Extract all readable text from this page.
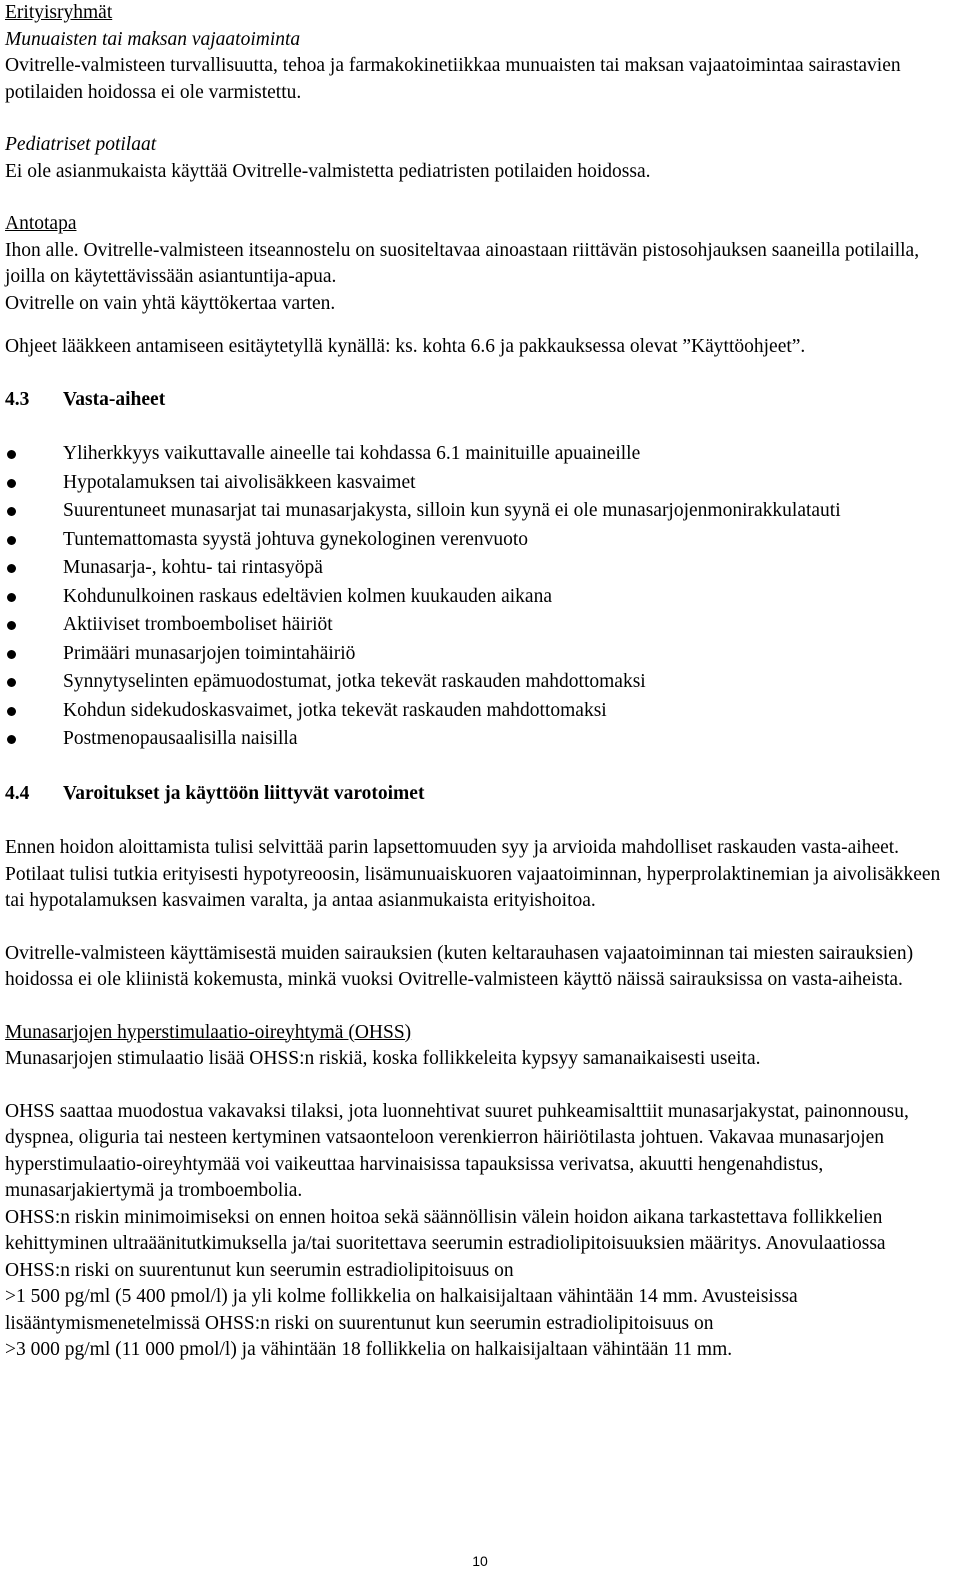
Erityisryhmät

Munuaisten tai maksan vajaatoiminta

Ovitrelle-valmisteen turvallisuutta, tehoa ja farmakokinetiikkaa munuaisten tai maksan vajaatoimintaa sairastavien potilaiden hoidossa ei ole varmistettu.

Pediatriset potilaat

Ei ole asianmukaista käyttää Ovitrelle-valmistetta pediatristen potilaiden hoidossa.

Antotapa

Ihon alle. Ovitrelle-valmisteen itseannostelu on suositeltavaa ainoastaan riittävän pistosohjauksen saaneilla potilailla, joilla on käytettävissään asiantuntija-apua.

Ovitrelle on vain yhtä käyttökertaa varten.

Ohjeet lääkkeen antamiseen esitäytetyllä kynällä: ks. kohta 6.6 ja pakkauksessa olevat ”Käyttöohjeet”.

4.3	Vasta-aiheet
Yliherkkyys vaikuttavalle aineelle tai kohdassa 6.1 mainituille apuaineille
Hypotalamuksen tai aivolisäkkeen kasvaimet
Suurentuneet munasarjat tai munasarjakysta, silloin kun syynä ei ole munasarjojenmonirakkulatauti
Tuntemattomasta syystä johtuva gynekologinen verenvuoto
Munasarja-, kohtu- tai rintasyöpä
Kohdunulkoinen raskaus edeltävien kolmen kuukauden aikana
Aktiiviset tromboemboliset häiriöt
Primääri munasarjojen toimintahäiriö
Synnytyselinten epämuodostumat, jotka tekevät raskauden mahdottomaksi
Kohdun sidekudoskasvaimet, jotka tekevät raskauden mahdottomaksi
Postmenopausaalisilla naisilla
4.4	Varoitukset ja käyttöön liittyvät varotoimet

Ennen hoidon aloittamista tulisi selvittää parin lapsettomuuden syy ja arvioida mahdolliset raskauden vasta-aiheet. Potilaat tulisi tutkia erityisesti hypotyreoosin, lisämunuaiskuoren vajaatoiminnan, hyperprolaktinemian ja aivolisäkkeen tai hypotalamuksen kasvaimen varalta, ja antaa asianmukaista erityishoitoa.

Ovitrelle-valmisteen käyttämisestä muiden sairauksien (kuten keltarauhasen vajaatoiminnan tai miesten sairauksien) hoidossa ei ole kliinistä kokemusta, minkä vuoksi Ovitrelle-valmisteen käyttö näissä sairauksissa on vasta-aiheista.

Munasarjojen hyperstimulaatio-oireyhtymä (OHSS)

Munasarjojen stimulaatio lisää OHSS:n riskiä, koska follikkeleita kypsyy samanaikaisesti useita.

OHSS saattaa muodostua vakavaksi tilaksi, jota luonnehtivat suuret puhkeamisalttiit munasarjakystat, painonnousu, dyspnea, oliguria tai nesteen kertyminen vatsaonteloon verenkierron häiriötilasta johtuen. Vakavaa munasarjojen hyperstimulaatio-oireyhtymää voi vaikeuttaa harvinaisissa tapauksissa verivatsa, akuutti hengenahdistus, munasarjakiertymä ja tromboembolia.

OHSS:n riskin minimoimiseksi on ennen hoitoa sekä säännöllisin välein hoidon aikana tarkastettava follikkelien kehittyminen ultraäänitutkimuksella ja/tai suoritettava seerumin estradiolipitoisuuksien määritys. Anovulaatiossa OHSS:n riski on suurentunut kun seerumin estradiolipitoisuus on

>1 500 pg/ml (5 400 pmol/l) ja yli kolme follikkelia on halkaisijaltaan vähintään 14 mm. Avusteisissa lisääntymismenetelmissä OHSS:n riski on suurentunut kun seerumin estradiolipitoisuus on

>3 000 pg/ml (11 000 pmol/l) ja vähintään 18 follikkelia on halkaisijaltaan vähintään 11 mm.

10
